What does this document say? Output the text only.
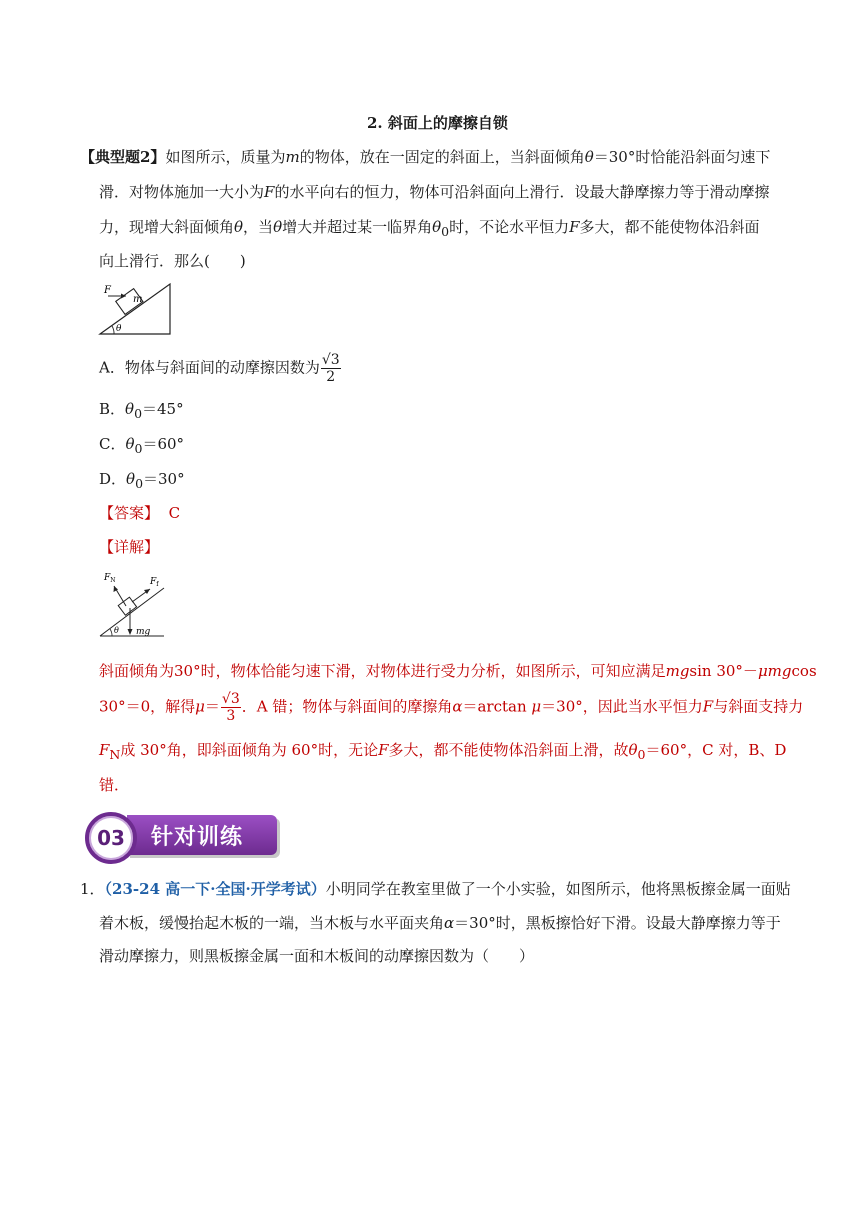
2. 斜面上的摩擦自锁
【典型题2】如图所示，质量为m的物体，放在一固定的斜面上，当斜面倾角θ＝30°时恰能沿斜面匀速下
滑．对物体施加一大小为F的水平向右的恒力，物体可沿斜面向上滑行．设最大静摩擦力等于滑动摩擦
力，现增大斜面倾角θ，当θ增大并超过某一临界角$\theta_0$时，不论水平恒力F多大，都不能使物体沿斜面
向上滑行．那么(　　)
m
F
θ
A．物体与斜面间的动摩擦因数为 $\frac{√3}{2}$
B．$\theta_0=45^\circ$
C．$\theta_0=60^\circ$
D．$\theta_0=30^\circ$
【答案】 C
【详解】
$F_N$	$F_f$
mg
θ
斜面倾角为30°时，物体恰能匀速下滑，对物体进行受力分析，如图所示，可知应满足mgsin 30°－μmgcos
30°＝0，解得$\mu= \frac{√3}{3}$ ．A 错；物体与斜面间的摩擦角α＝arctan μ＝30°，因此当水平恒力F与斜面支持力
$F_N$成 30°角，即斜面倾角为 60°时，无论F多大，都不能使物体沿斜面上滑，故$\theta_0=60^\circ$，C 对，B、D
错．
针对训练
03
1．（23-24 高一下·全国·开学考试）小明同学在教室里做了一个小实验，如图所示，他将黑板擦金属一面贴
着木板，缓慢抬起木板的一端，当木板与水平面夹角α＝30°时，黑板擦恰好下滑。设最大静摩擦力等于
滑动摩擦力，则黑板擦金属一面和木板间的动摩擦因数为（　　）
